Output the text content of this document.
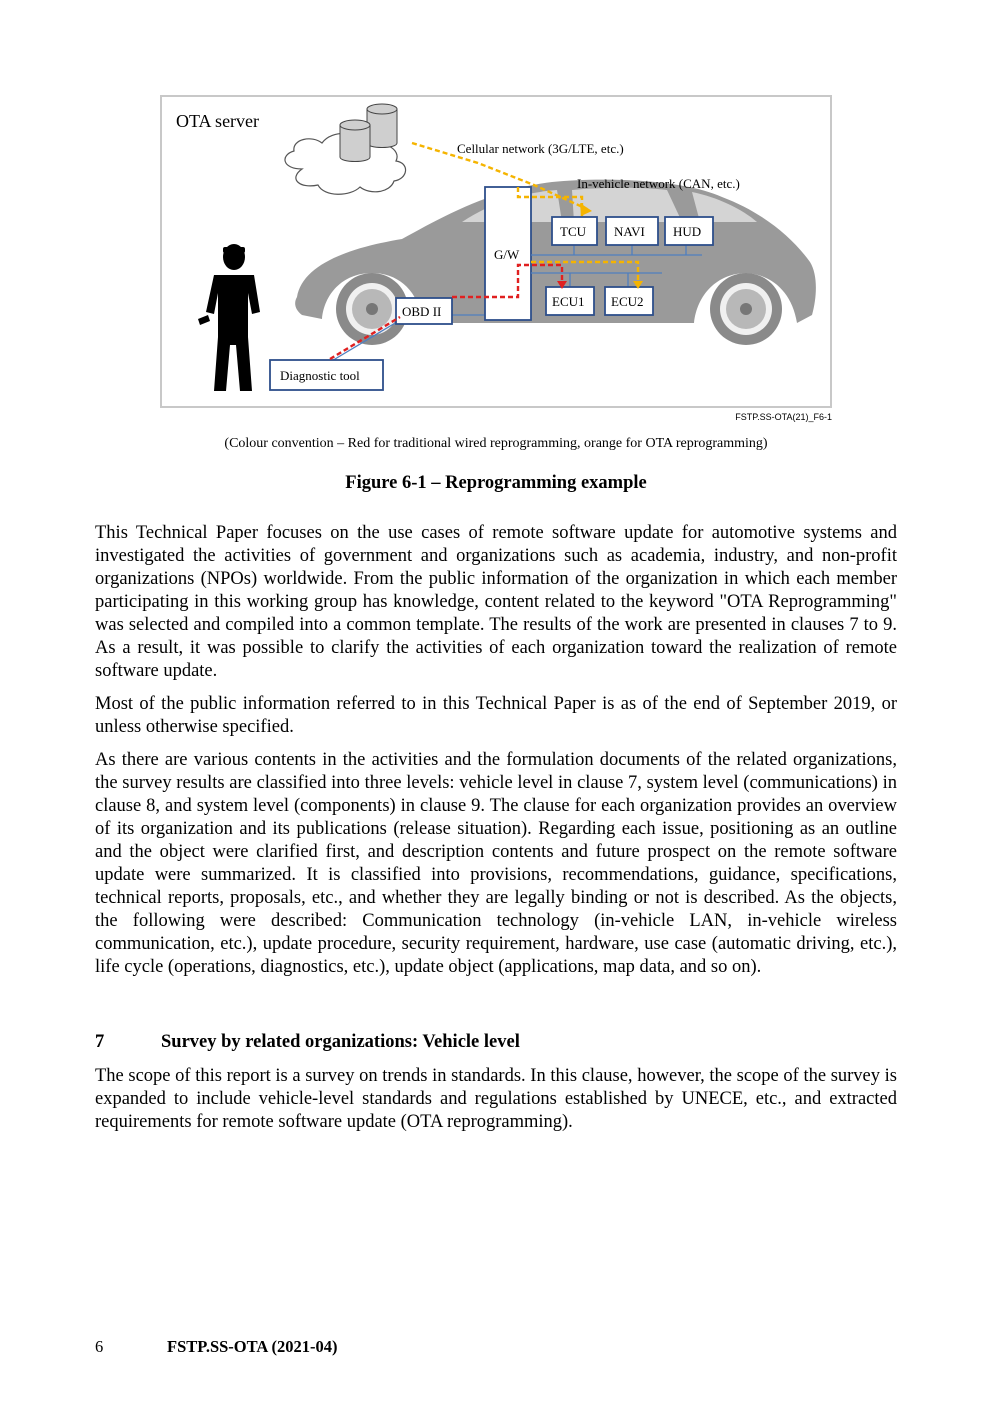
G/W
TCU NAVI HUD
ECU1 ECU2
OBD II
Diagnostic tool
OTA server
Cellular network (3G/LTE, etc.)
In-vehicle network (CAN, etc.)
FSTP.SS-OTA(21)_F6-1
(Colour convention – Red for traditional wired reprogramming, orange for OTA reprogramming)
Figure 6-1 – Reprogramming example

This Technical Paper focuses on the use cases of remote software update for automotive systems and investigated the activities of government and organizations such as academia, industry, and non-profit organizations (NPOs) worldwide. From the public information of the organization in which each member participating in this working group has knowledge, content related to the keyword "OTA Reprogramming" was selected and compiled into a common template. The results of the work are presented in clauses 7 to 9. As a result, it was possible to clarify the activities of each organization toward the realization of remote software update.

Most of the public information referred to in this Technical Paper is as of the end of September 2019, or unless otherwise specified.

As there are various contents in the activities and the formulation documents of the related organizations, the survey results are classified into three levels: vehicle level in clause 7, system level (communications) in clause 8, and system level (components) in clause 9. The clause for each organization provides an overview of its organization and its publications (release situation). Regarding each issue, positioning as an outline and the object were clarified first, and description contents and future prospect on the remote software update were summarized. It is classified into provisions, recommendations, guidance, specifications, technical reports, proposals, etc., and whether they are legally binding or not is described. As the objects, the following were described: Communication technology (in-vehicle LAN, in-vehicle wireless communication, etc.), update procedure, security requirement, hardware, use case (automatic driving, etc.), life cycle (operations, diagnostics, etc.), update object (applications, map data, and so on).

7	Survey by related organizations: Vehicle level

The scope of this report is a survey on trends in standards. In this clause, however, the scope of the survey is expanded to include vehicle-level standards and regulations established by UNECE, etc., and extracted requirements for remote software update (OTA reprogramming).

6	FSTP.SS-OTA (2021-04)
